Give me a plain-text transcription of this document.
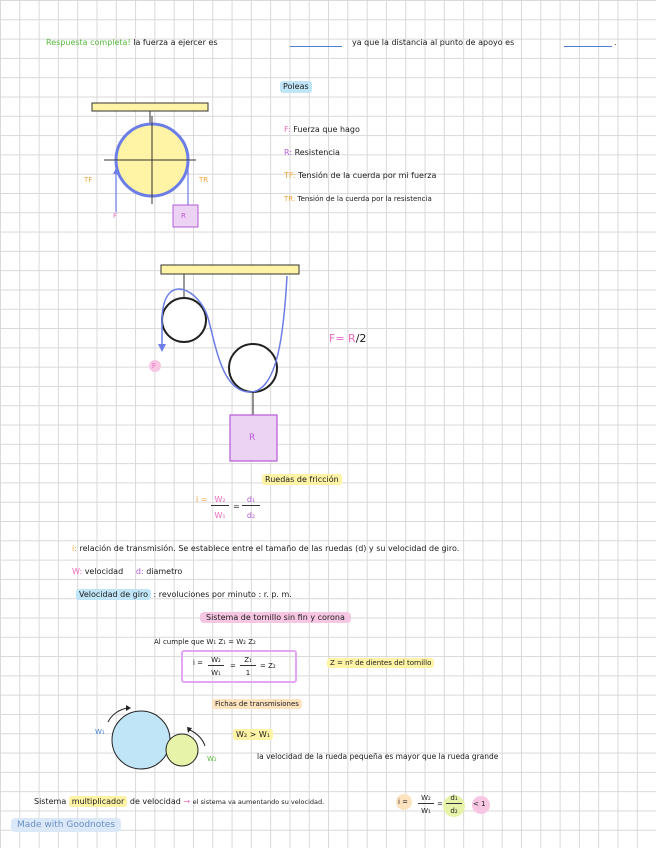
Respuesta completa! la fuerza a ejercer es	ya que la distancia al punto de apoyo es	.
Poleas
TF	TR
F	R
F: Fuerza que hago
R: Resistencia
TF: Tensión de la cuerda por mi fuerza
TR: Tensión de la cuerda por la resistencia
F
R
F= R/2
Ruedas de fricción
i = W₂
W₁
=
d₁
d₂
i: relación de transmisión. Se establece entre el tamaño de las ruedas (d) y su velocidad de giro.
W: velocidad d: diametro
Velocidad de giro : revoluciones por minuto : r. p. m.
Sistema de tornillo sin fin y corona
Al cumple que W₁ Z₁ = W₂ Z₂
i =	W₂
W₁
=
Z₁
1
= Z₂	Z = nº de dientes del tornillo
Fichas de transmisiones
W₁
W₂
W₂ > W₁
la velocidad de la rueda pequeña es mayor que la rueda grande
Sistema multiplicador de velocidad → el sistema va aumentando su velocidad.	i =	W₂
W₁
=
d₁
d₂
< 1
Made with Goodnotes
